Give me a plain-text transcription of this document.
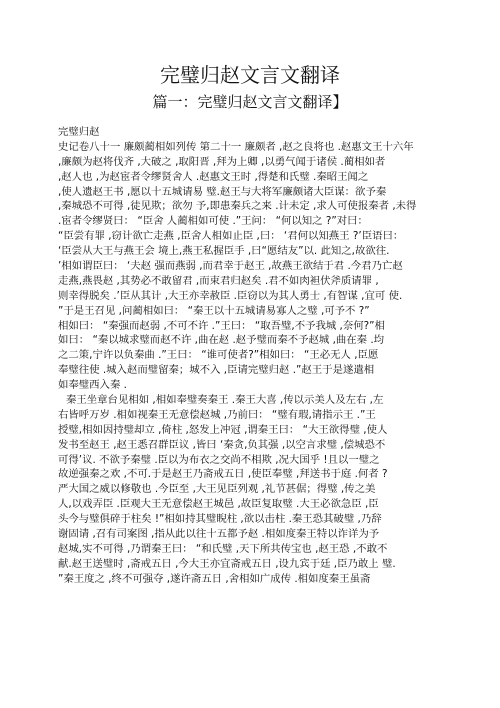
完璧归赵文言文翻译
篇一：完璧归赵文言文翻译】
完璧归赵
史记卷八十一 廉颇蔺相如列传 第二十一 廉颇者 ,赵之良将也 .赵惠文王十六年
,廉颇为赵将伐齐 ,大破之 ,取阳晋 ,拜为上卿 ,以勇气闻于诸侯 .蔺相如者
,赵人也 ,为赵宦者令缪贤舍人 .赵惠文王时 ,得楚和氏璧 .秦昭王闻之
,使人遗赵王书 ,愿以十五城请易 璧.赵王与大将军廉颇诸大臣谋：欲予秦
,秦城恐不可得 ,徒见欺；欲勿 予,即患秦兵之来 .计未定 ,求人可使报秦者 ,未得
.宦者令缪贤曰： “臣舍 人蔺相如可使 .”王问： “何以知之 ?”对曰：
“臣尝有罪 ,窃计欲亡走燕 ,臣舍人相如止臣 ,曰： ‘君何以知燕王 ?’臣语曰：
‘臣尝从大王与燕王会 境上,燕王私握臣手 ,曰“愿结友”以. 此知之,故欲往.
’相如谓臣曰： ‘夫赵 强而燕弱 ,而君幸于赵王 ,故燕王欲结于君 .今君乃亡赵
走燕,燕畏赵 ,其势必不敢留君 ,而束君归赵矣 .君不如肉袒伏斧质请罪 ,
则幸得脱矣 .’臣从其计 ,大王亦幸赦臣 .臣窃以为其人勇士 ,有智谋 ,宜可 使.
”于是王召见 ,问蔺相如曰： “秦王以十五城请易寡人之璧 ,可予不 ?”
相如曰： “秦强而赵弱 ,不可不许 .”王曰： “取吾璧,不予我城 ,奈何?”相
如曰： “秦以城求璧而赵不许 ,曲在赵 .赵予璧而秦不予赵城 ,曲在秦 .均
之二策,宁许以负秦曲 .”王曰： “谁可使者?”相如曰： “王必无人 ,臣愿
奉璧往使 .城入赵而璧留秦；城不入 ,臣请完璧归赵 .”赵王于是遂遣相
如奉璧西入秦 .
秦王坐章台见相如 ,相如奉璧奏秦王 .秦王大喜 ,传以示美人及左右 ,左
右皆呼万岁 .相如视秦王无意偿赵城 ,乃前曰： “璧有瑕,请指示王 .”王
授璧,相如因持璧却立 ,倚柱 ,怒发上冲冠 ,谓秦王曰： “大王欲得璧 ,使人
发书至赵王 ,赵王悉召群臣议 ,皆曰 ‘秦贪,负其强 ,以空言求璧 ,偿城恐不
可得’议. 不欲予秦璧 .臣以为布衣之交尚不相欺 ,况大国乎 !且以一璧之
故逆强秦之欢 ,不可.于是赵王乃斋戒五日 ,使臣奉璧 ,拜送书于庭 .何者 ?
严大国之威以修敬也 .今臣至 ,大王见臣列观 ,礼节甚倨；得璧 ,传之美
人,以戏弄臣 .臣观大王无意偿赵王城邑 ,故臣复取璧 .大王必欲急臣 ,臣
头今与璧俱碎于柱矣 !”相如持其璧睨柱 ,欲以击柱 .秦王恐其破璧 ,乃辞
谢固请 ,召有司案图 ,指从此以往十五都予赵 .相如度秦王特以诈详为予
赵城,实不可得 ,乃谓秦王曰： “和氏璧 ,天下所共传宝也 ,赵王恐 ,不敢不
献.赵王送璧时 ,斋戒五日 ,今大王亦宜斋戒五日 ,设九宾于廷 ,臣乃敢上 璧.
”秦王度之 ,终不可强夺 ,遂许斋五日 ,舍相如广成传 .相如度秦王虽斋
